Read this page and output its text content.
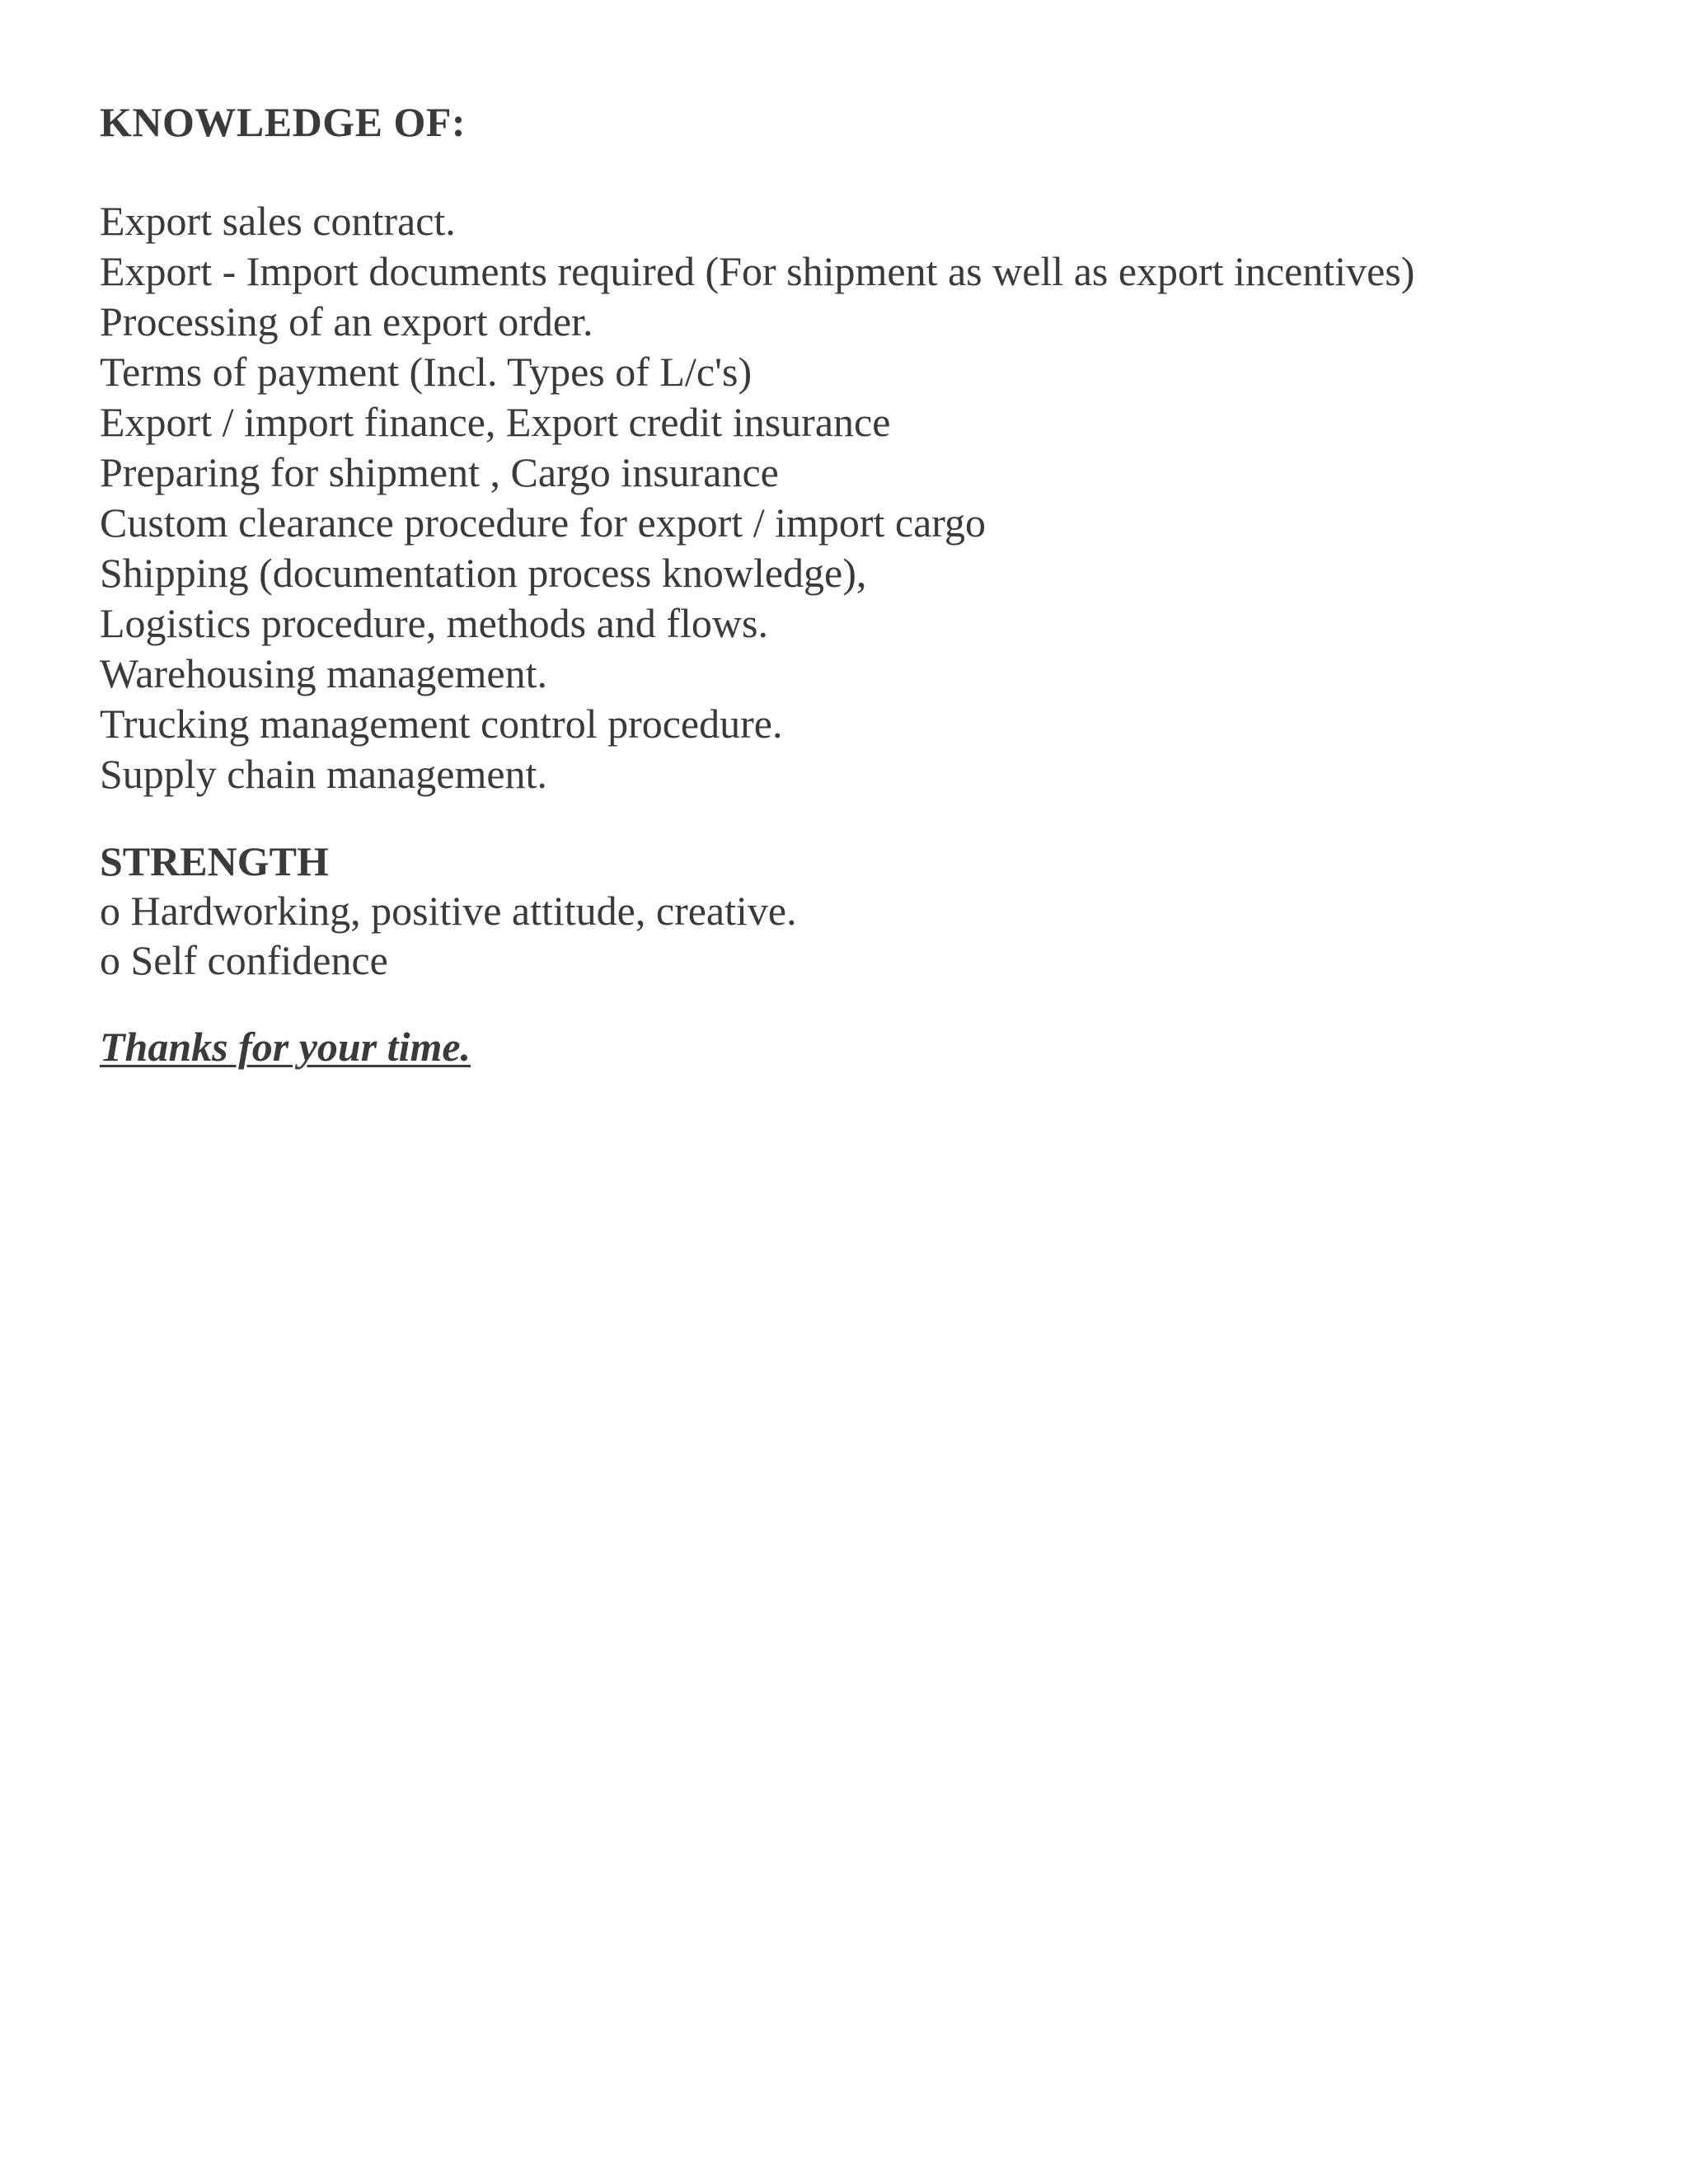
KNOWLEDGE OF:
Export sales contract.
Export - Import documents required (For shipment as well as export incentives)
Processing of an export order.
Terms of payment (Incl. Types of L/c's)
Export / import finance, Export credit insurance
Preparing for shipment , Cargo insurance
Custom clearance procedure for export / import cargo
Shipping (documentation process knowledge),
Logistics procedure, methods and flows.
Warehousing management.
Trucking management control procedure.
Supply chain management.
STRENGTH
o Hardworking, positive attitude, creative.
o Self confidence

Thanks for your time.
